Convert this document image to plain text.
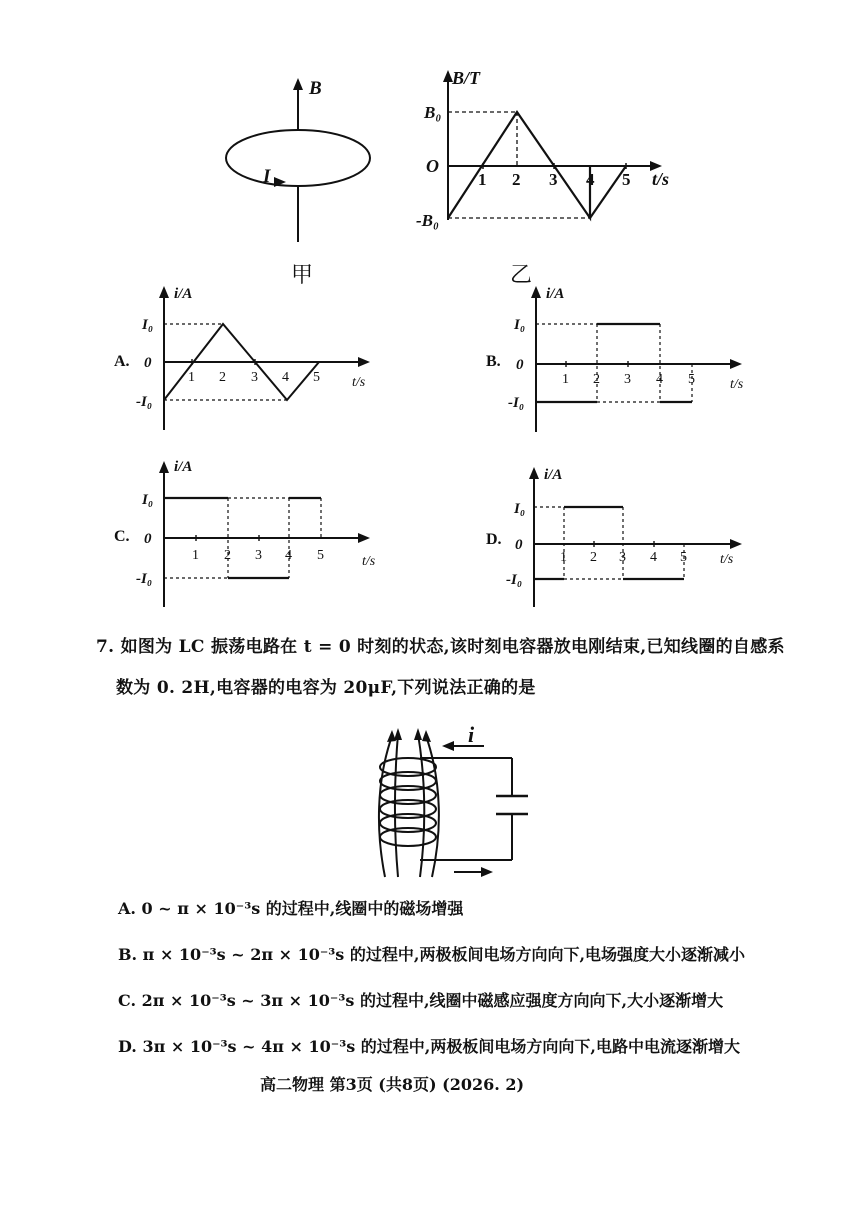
B
I
甲
B/T
O
B₀
-B₀
1 2 3 4 5 t/s
乙
A.
i/A
I₀
0
-I₀
1 2 3 4 5 t/s
B.
i/A
I₀
0
-I₀
1 2 3 4 5	t/s
C.
i/A
I₀
0
-I₀
1 2 3 4 5	t/s
D.
i/A
I₀
0
-I₀
1 2 3 4 5 t/s
7. 如图为 LC 振荡电路在 t = 0 时刻的状态,该时刻电容器放电刚结束,已知线圈的自感系
数为 0. 2H,电容器的电容为 20μF,下列说法正确的是
i
A. 0 ~ π × 10⁻³s 的过程中,线圈中的磁场增强
B. π × 10⁻³s ~ 2π × 10⁻³s 的过程中,两极板间电场方向向下,电场强度大小逐渐减小
C. 2π × 10⁻³s ~ 3π × 10⁻³s 的过程中,线圈中磁感应强度方向向下,大小逐渐增大
D. 3π × 10⁻³s ~ 4π × 10⁻³s 的过程中,两极板间电场方向向下,电路中电流逐渐增大
高二物理 第3页 (共8页) (2026. 2)
